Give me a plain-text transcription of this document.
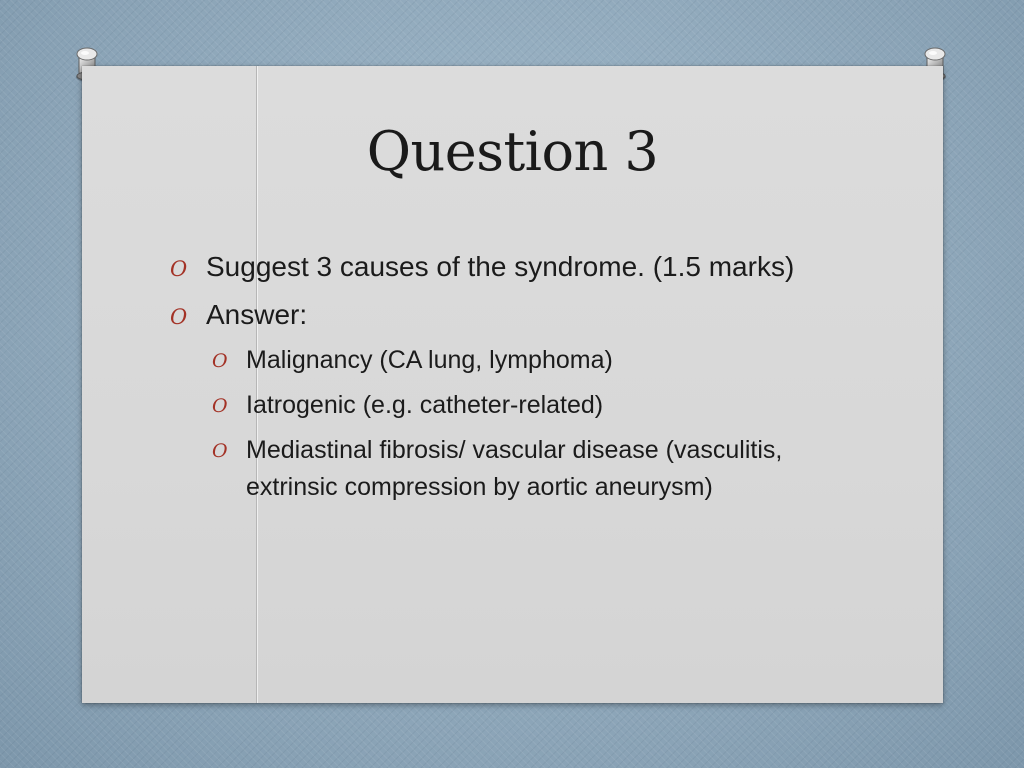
Question 3
O Suggest 3 causes of the syndrome. (1.5 marks)
O Answer:
O Malignancy (CA lung, lymphoma)
O Iatrogenic (e.g. catheter-related)
O Mediastinal fibrosis/ vascular disease (vasculitis, extrinsic compression by aortic aneurysm)
